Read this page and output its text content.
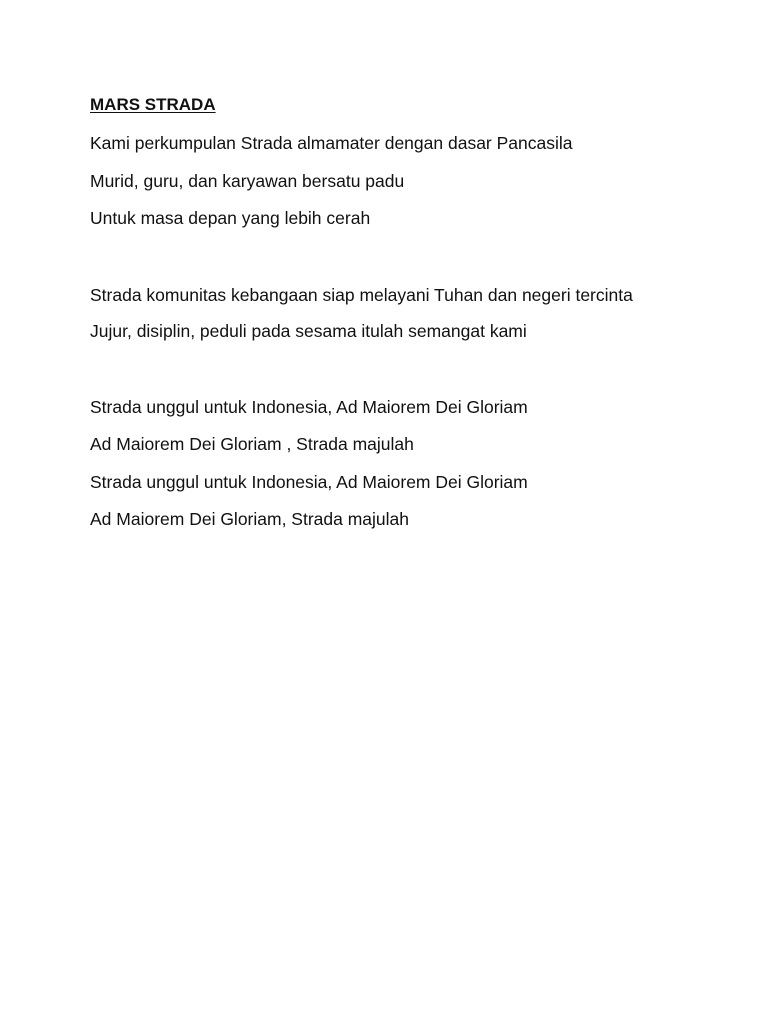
MARS STRADA
Kami perkumpulan Strada almamater dengan dasar Pancasila
Murid, guru, dan karyawan bersatu padu
Untuk masa depan yang lebih cerah
Strada komunitas kebangaan siap melayani Tuhan dan negeri tercinta
Jujur, disiplin, peduli pada sesama itulah semangat kami
Strada unggul untuk Indonesia, Ad Maiorem Dei Gloriam
Ad Maiorem Dei Gloriam , Strada majulah
Strada unggul untuk Indonesia, Ad Maiorem Dei Gloriam
Ad Maiorem Dei Gloriam, Strada majulah
